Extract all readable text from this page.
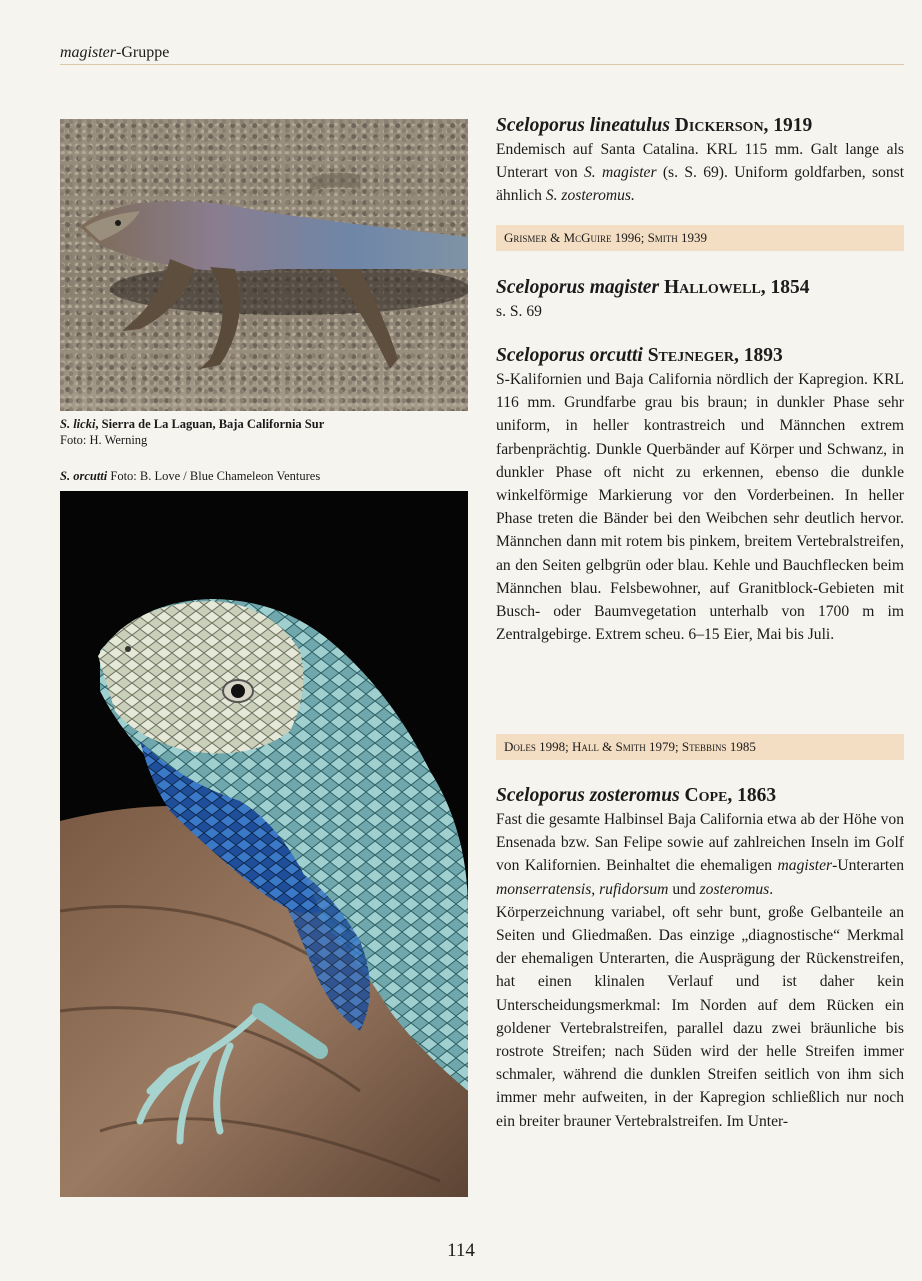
magister-Gruppe
S. licki, Sierra de La Laguan, Baja California Sur
Foto: H. Werning
S. orcutti Foto: B. Love / Blue Chameleon Ventures
Sceloporus lineatulus Dickerson, 1919

Endemisch auf Santa Catalina. KRL 115 mm. Galt lange als Unterart von S. magister (s. S. 69). Uniform goldfarben, sonst ähnlich S. zosteromus.

Grismer & McGuire 1996; Smith 1939
Sceloporus magister Hallowell, 1854

s. S. 69

Sceloporus orcutti Stejneger, 1893

S-Kalifornien und Baja California nördlich der Kapregion. KRL 116 mm. Grundfarbe grau bis braun; in dunkler Phase sehr uniform, in heller kontrastreich und Männchen extrem farbenprächtig. Dunkle Querbänder auf Körper und Schwanz, in dunkler Phase oft nicht zu erkennen, ebenso die dunkle winkelförmige Markierung vor den Vorderbeinen. In heller Phase treten die Bänder bei den Weibchen sehr deutlich hervor. Männchen dann mit rotem bis pinkem, breitem Vertebralstreifen, an den Seiten gelbgrün oder blau. Kehle und Bauchflecken beim Männchen blau. Felsbewohner, auf Granitblock-Gebieten mit Busch- oder Baumvegetation unterhalb von 1700 m im Zentralgebirge. Extrem scheu. 6–15 Eier, Mai bis Juli.

Doles 1998; Hall & Smith 1979; Stebbins 1985
Sceloporus zosteromus Cope, 1863

Fast die gesamte Halbinsel Baja California etwa ab der Höhe von Ensenada bzw. San Felipe sowie auf zahlreichen Inseln im Golf von Kalifornien. Beinhaltet die ehemaligen magister-Unterarten monserratensis, rufidorsum und zosteromus.

Körperzeichnung variabel, oft sehr bunt, große Gelbanteile an Seiten und Gliedmaßen. Das einzige „diagnostische“ Merkmal der ehemaligen Unterarten, die Ausprägung der Rückenstreifen, hat einen klinalen Verlauf und ist daher kein Unterscheidungsmerkmal: Im Norden auf dem Rücken ein goldener Vertebralstreifen, parallel dazu zwei bräunliche bis rostrote Streifen; nach Süden wird der helle Streifen immer schmaler, während die dunklen Streifen seitlich von ihm sich immer mehr aufweiten, in der Kapregion schließlich nur noch ein breiter brauner Vertebralstreifen. Im Unter-

114
